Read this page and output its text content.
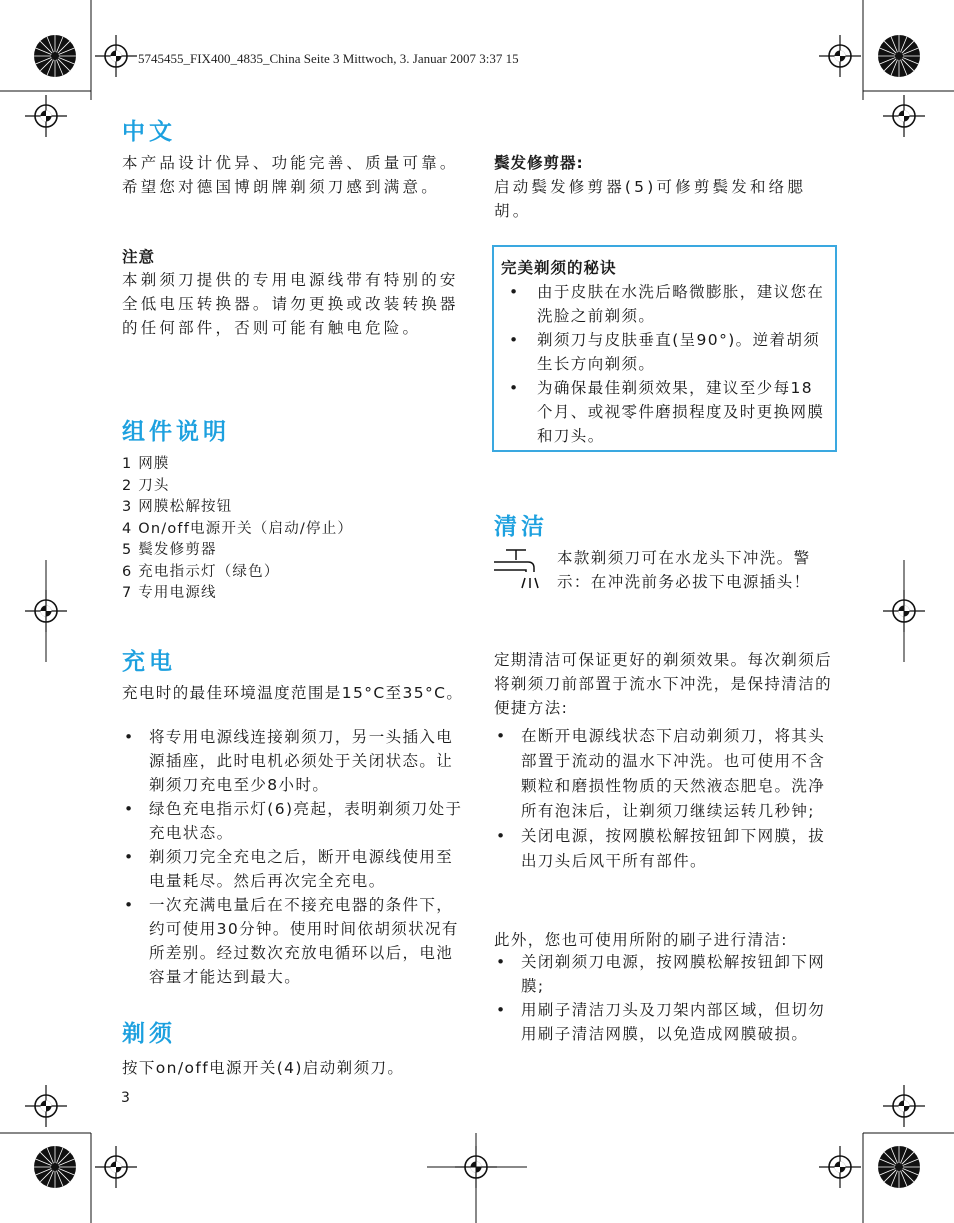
5745455_FIX400_4835_China Seite 3 Mittwoch, 3. Januar 2007 3:37 15
中文

本产品设计优异、功能完善、质量可靠。希望您对德国博朗牌剃须刀感到满意。

注意

本剃须刀提供的专用电源线带有特别的安全低电压转换器。请勿更换或改装转换器的任何部件，否则可能有触电危险。

组件说明
1 网膜
2 刀头
3 网膜松解按钮
4 On/off电源开关（启动/停止）
5 鬓发修剪器
6 充电指示灯（绿色）
7 专用电源线
充电

充电时的最佳环境温度范围是15°C至35°C。

• 将专用电源线连接剃须刀，另一头插入电源插座，此时电机必须处于关闭状态。让剃须刀充电至少8小时。
• 绿色充电指示灯(6)亮起，表明剃须刀处于充电状态。
• 剃须刀完全充电之后，断开电源线使用至电量耗尽。然后再次完全充电。
• 一次充满电量后在不接充电器的条件下，约可使用30分钟。使用时间依胡须状况有所差别。经过数次充放电循环以后，电池容量才能达到最大。
剃须

按下on/off电源开关(4)启动剃须刀。

3
鬓发修剪器:

启动鬓发修剪器(5)可修剪鬓发和络腮胡。

完美剃须的秘诀
• 由于皮肤在水洗后略微膨胀，建议您在洗脸之前剃须。
• 剃须刀与皮肤垂直(呈90°)。逆着胡须生长方向剃须。
• 为确保最佳剃须效果，建议至少每18个月、或视零件磨损程度及时更换网膜和刀头。
清洁

本款剃须刀可在水龙头下冲洗。警示：在冲洗前务必拔下电源插头！

定期清洁可保证更好的剃须效果。每次剃须后将剃须刀前部置于流水下冲洗，是保持清洁的便捷方法:

• 在断开电源线状态下启动剃须刀，将其头部置于流动的温水下冲洗。也可使用不含颗粒和磨损性物质的天然液态肥皂。洗净所有泡沫后，让剃须刀继续运转几秒钟;
• 关闭电源，按网膜松解按钮卸下网膜，拔出刀头后风干所有部件。

此外，您也可使用所附的刷子进行清洁:

• 关闭剃须刀电源，按网膜松解按钮卸下网膜;
• 用刷子清洁刀头及刀架内部区域，但切勿用刷子清洁网膜，以免造成网膜破损。
